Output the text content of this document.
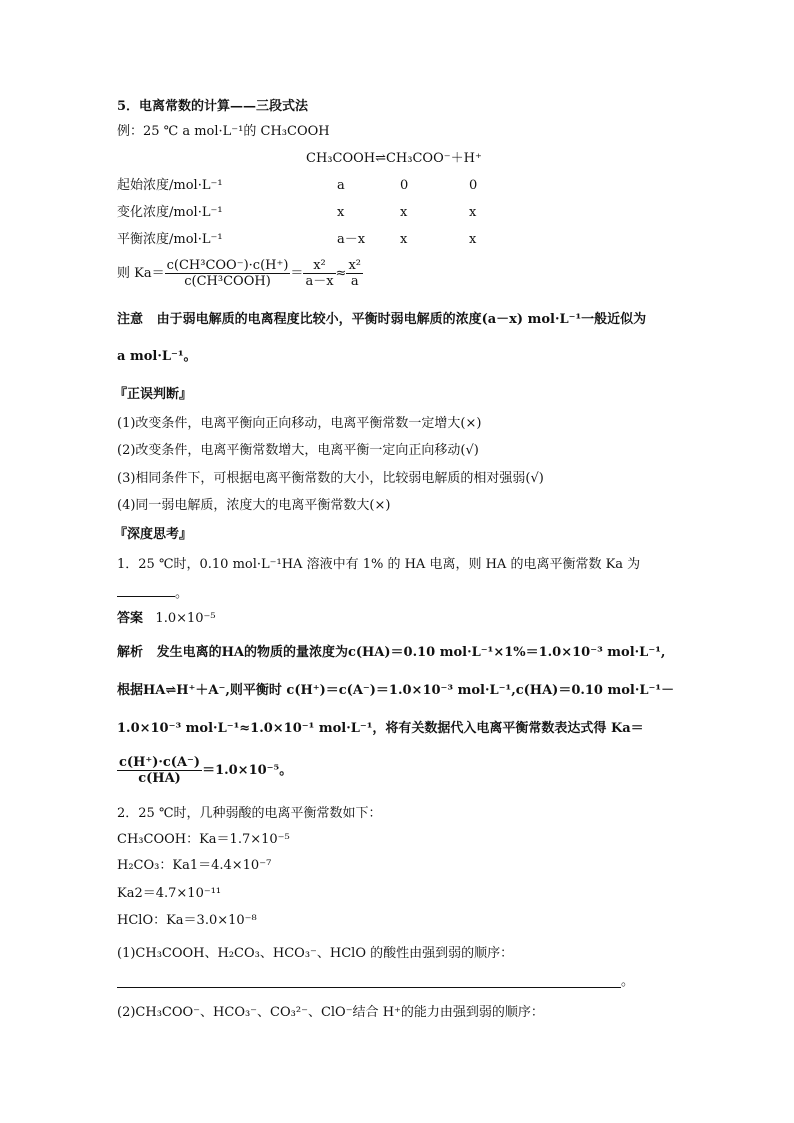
5．电离常数的计算——三段式法
例：25 ℃ a mol·L⁻¹的 CH₃COOH
CH₃COOH⇌CH₃COO⁻＋H⁺
起始浓度/mol·L⁻¹	a	0	0
变化浓度/mol·L⁻¹	x	x	x
平衡浓度/mol·L⁻¹	a－x	x	x
则 $Ka= \frac{\text{c(CH³COO⁻)·c(H⁺)}}{\text{c(CH³COOH)}} = \frac{\text{x²}}{a-x} \approx \frac{\text{x²}}{a}$
注意 由于弱电解质的电离程度比较小，平衡时弱电解质的浓度(a－x) mol·L⁻¹一般近似为
a mol·L⁻¹。
『正误判断』
(1)改变条件，电离平衡向正向移动，电离平衡常数一定增大(×)
(2)改变条件，电离平衡常数增大，电离平衡一定向正向移动(√)
(3)相同条件下，可根据电离平衡常数的大小，比较弱电解质的相对强弱(√)
(4)同一弱电解质，浓度大的电离平衡常数大(×)
『深度思考』
1．25 ℃时，0.10 mol·L⁻¹HA 溶液中有 1% 的 HA 电离，则 HA 的电离平衡常数 Ka 为
。
答案 1.0×10⁻⁵
解析 发生电离的HA的物质的量浓度为c(HA)＝0.10 mol·L⁻¹×1%＝1.0×10⁻³ mol·L⁻¹,
根据HA⇌H⁺＋A⁻,则平衡时 c(H⁺)＝c(A⁻)＝1.0×10⁻³ mol·L⁻¹,c(HA)＝0.10 mol·L⁻¹－
1.0×10⁻³ mol·L⁻¹≈1.0×10⁻¹ mol·L⁻¹，将有关数据代入电离平衡常数表达式得 Ka＝
$\frac{c(H^+)\cdot c(A^-)}{c(HA)} =1.0\times 10^{-5}$。
2．25 ℃时，几种弱酸的电离平衡常数如下：
CH₃COOH：Ka＝1.7×10⁻⁵
H₂CO₃：Ka1＝4.4×10⁻⁷
Ka2＝4.7×10⁻¹¹
HClO：Ka＝3.0×10⁻⁸
(1)CH₃COOH、H₂CO₃、HCO₃⁻、HClO 的酸性由强到弱的顺序：
。
(2)CH₃COO⁻、HCO₃⁻、CO₃²⁻、ClO⁻结合 H⁺的能力由强到弱的顺序：
